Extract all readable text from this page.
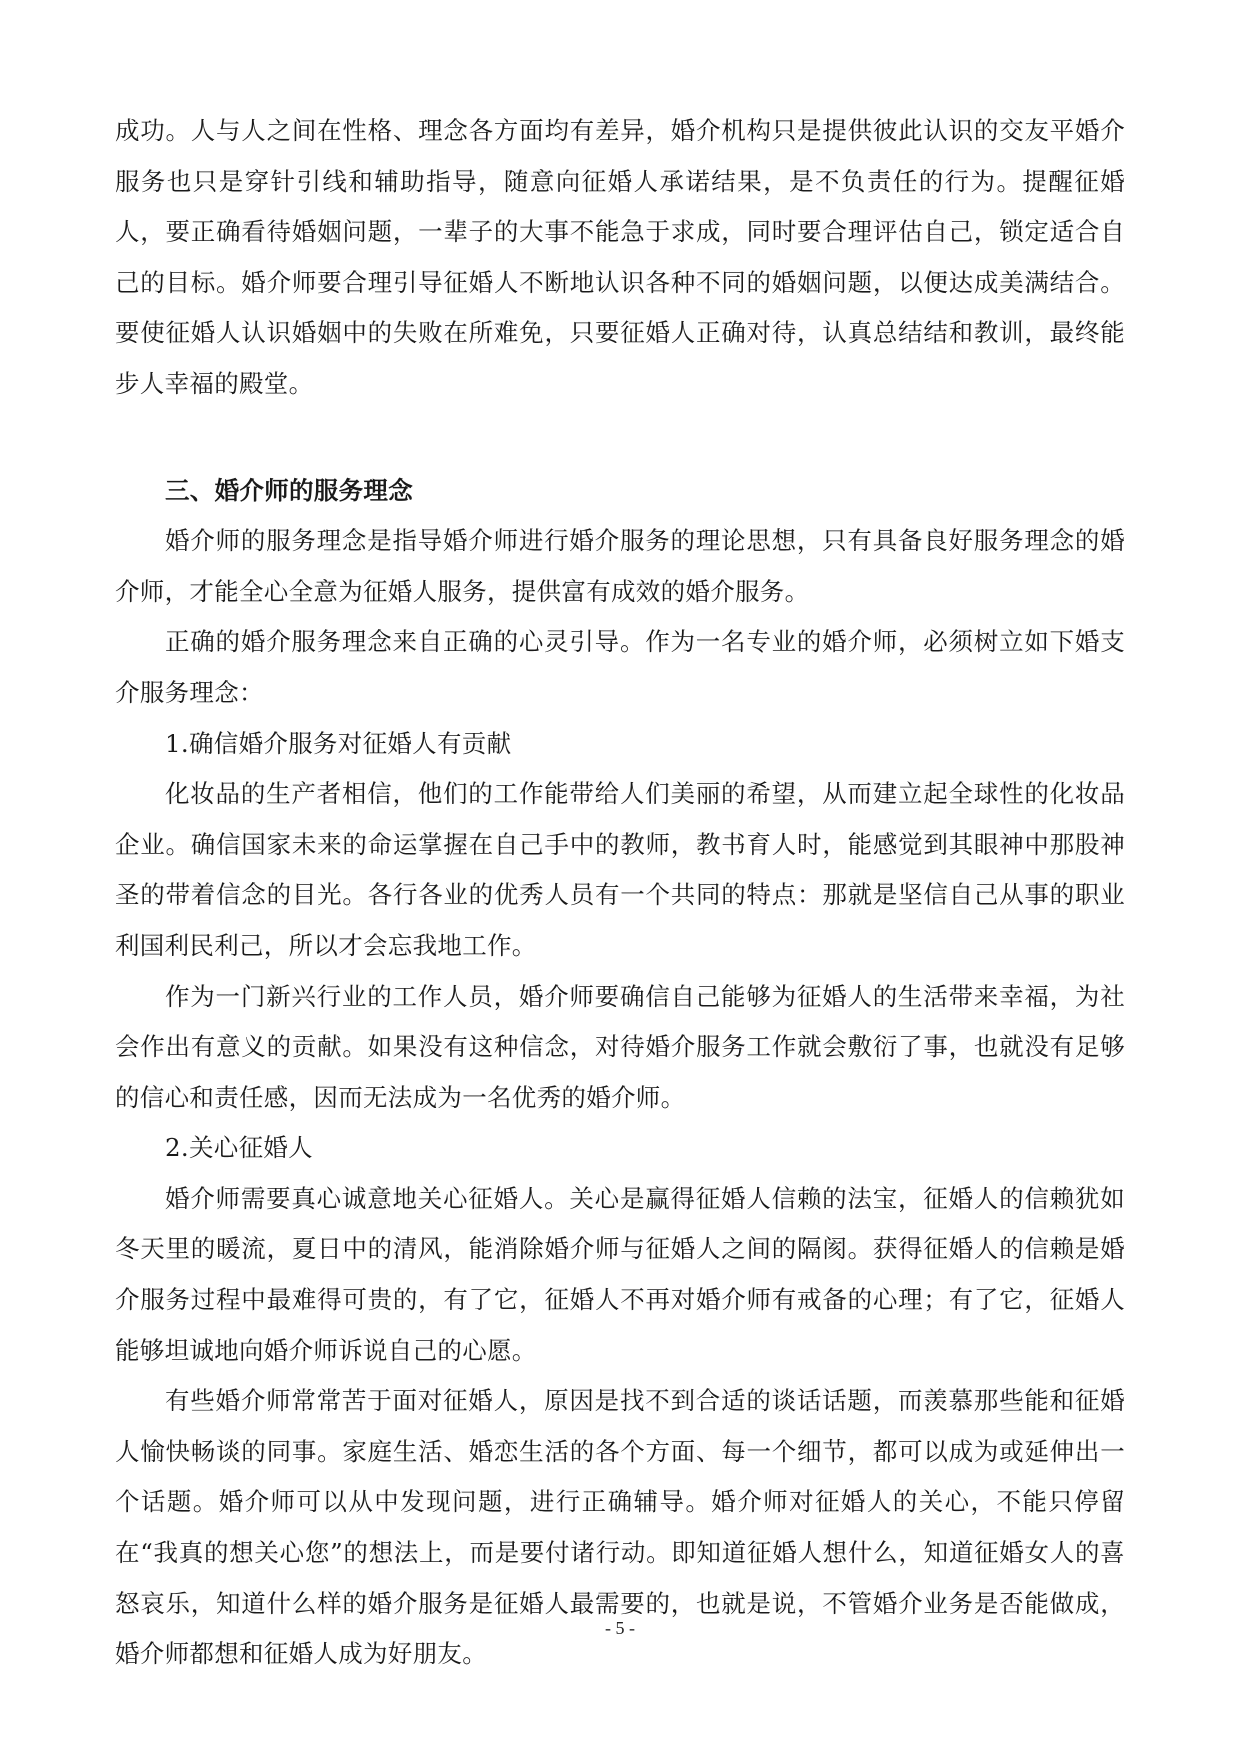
成功。人与人之间在性格、理念各方面均有差异，婚介机构只是提供彼此认识的交友平婚介服务也只是穿针引线和辅助指导，随意向征婚人承诺结果，是不负责任的行为。提醒征婚人，要正确看待婚姻问题，一辈子的大事不能急于求成，同时要合理评估自己，锁定适合自己的目标。婚介师要合理引导征婚人不断地认识各种不同的婚姻问题，以便达成美满结合。要使征婚人认识婚姻中的失败在所难免，只要征婚人正确对待，认真总结结和教训，最终能步人幸福的殿堂。

三、婚介师的服务理念

婚介师的服务理念是指导婚介师进行婚介服务的理论思想，只有具备良好服务理念的婚介师，才能全心全意为征婚人服务，提供富有成效的婚介服务。

正确的婚介服务理念来自正确的心灵引导。作为一名专业的婚介师，必须树立如下婚支介服务理念：

1.确信婚介服务对征婚人有贡献

化妆品的生产者相信，他们的工作能带给人们美丽的希望，从而建立起全球性的化妆品企业。确信国家未来的命运掌握在自己手中的教师，教书育人时，能感觉到其眼神中那股神圣的带着信念的目光。各行各业的优秀人员有一个共同的特点：那就是坚信自己从事的职业利国利民利己，所以才会忘我地工作。

作为一门新兴行业的工作人员，婚介师要确信自己能够为征婚人的生活带来幸福，为社会作出有意义的贡献。如果没有这种信念，对待婚介服务工作就会敷衍了事，也就没有足够的信心和责任感，因而无法成为一名优秀的婚介师。

2.关心征婚人

婚介师需要真心诚意地关心征婚人。关心是赢得征婚人信赖的法宝，征婚人的信赖犹如冬天里的暖流，夏日中的清风，能消除婚介师与征婚人之间的隔阂。获得征婚人的信赖是婚介服务过程中最难得可贵的，有了它，征婚人不再对婚介师有戒备的心理；有了它，征婚人能够坦诚地向婚介师诉说自己的心愿。

有些婚介师常常苦于面对征婚人，原因是找不到合适的谈话话题，而羡慕那些能和征婚人愉快畅谈的同事。家庭生活、婚恋生活的各个方面、每一个细节，都可以成为或延伸出一个话题。婚介师可以从中发现问题，进行正确辅导。婚介师对征婚人的关心，不能只停留在“我真的想关心您”的想法上，而是要付诸行动。即知道征婚人想什么，知道征婚女人的喜怒哀乐，知道什么样的婚介服务是征婚人最需要的，也就是说，不管婚介业务是否能做成，婚介师都想和征婚人成为好朋友。

- 5 -
